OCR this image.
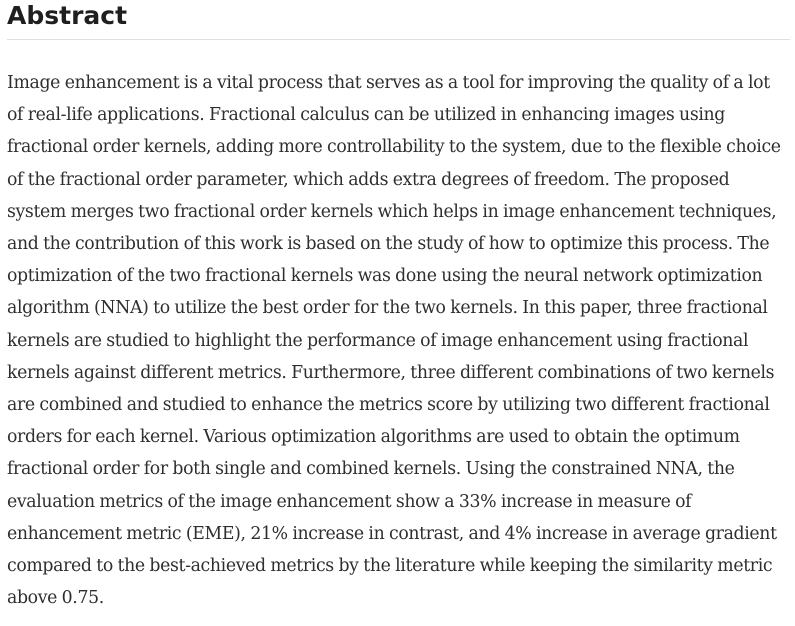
Abstract

Image enhancement is a vital process that serves as a tool for improving the quality of a lot of real-life applications. Fractional calculus can be utilized in enhancing images using fractional order kernels, adding more controllability to the system, due to the flexible choice of the fractional order parameter, which adds extra degrees of freedom. The proposed system merges two fractional order kernels which helps in image enhancement techniques, and the contribution of this work is based on the study of how to optimize this process. The optimization of the two fractional kernels was done using the neural network optimization algorithm (NNA) to utilize the best order for the two kernels. In this paper, three fractional kernels are studied to highlight the performance of image enhancement using fractional kernels against different metrics. Furthermore, three different combinations of two kernels are combined and studied to enhance the metrics score by utilizing two different fractional orders for each kernel. Various optimization algorithms are used to obtain the optimum fractional order for both single and combined kernels. Using the constrained NNA, the evaluation metrics of the image enhancement show a 33% increase in measure of enhancement metric (EME), 21% increase in contrast, and 4% increase in average gradient compared to the best-achieved metrics by the literature while keeping the similarity metric above 0.75.
